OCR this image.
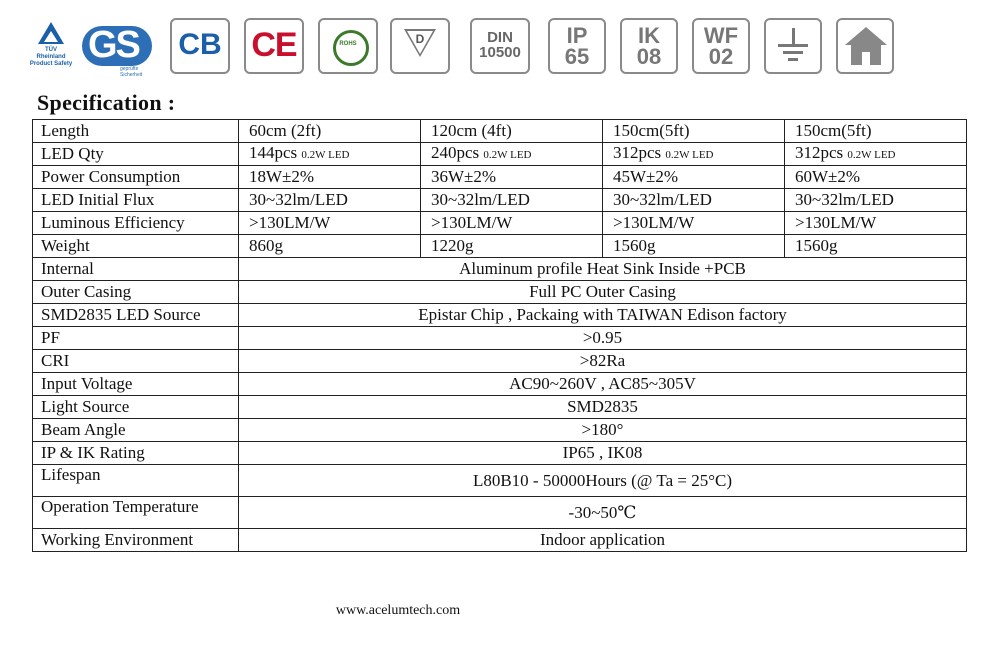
TÜV
Rheinland
Product Safety GS
geprüfte Sicherheit
CB CE	ROHS	D	DIN
10500
IP
65
IK
08
WF
02
Specification :
Length	60cm (2ft)	120cm (4ft)	150cm(5ft)	150cm(5ft)
LED Qty	144pcs 0.2W LED	240pcs 0.2W LED	312pcs 0.2W LED	312pcs 0.2W LED
Power Consumption	18W±2%	36W±2%	45W±2%	60W±2%
LED Initial Flux	30~32lm/LED	30~32lm/LED	30~32lm/LED	30~32lm/LED
Luminous Efficiency	>130LM/W	>130LM/W	>130LM/W	>130LM/W
Weight	860g	1220g	1560g	1560g
Internal	Aluminum profile Heat Sink Inside +PCB			
Outer Casing	Full PC Outer Casing			
SMD2835 LED Source	Epistar Chip , Packaing with TAIWAN Edison factory			
PF	>0.95			
CRI	>82Ra			
Input Voltage	AC90~260V , AC85~305V			
Light Source	SMD2835			
Beam Angle	>180°			
IP & IK Rating	IP65 , IK08			
Lifespan	L80B10 - 50000Hours (@ Ta = 25°C)			
Operation Temperature	-30~50℃			
Working Environment	Indoor application			
www.acelumtech.com
